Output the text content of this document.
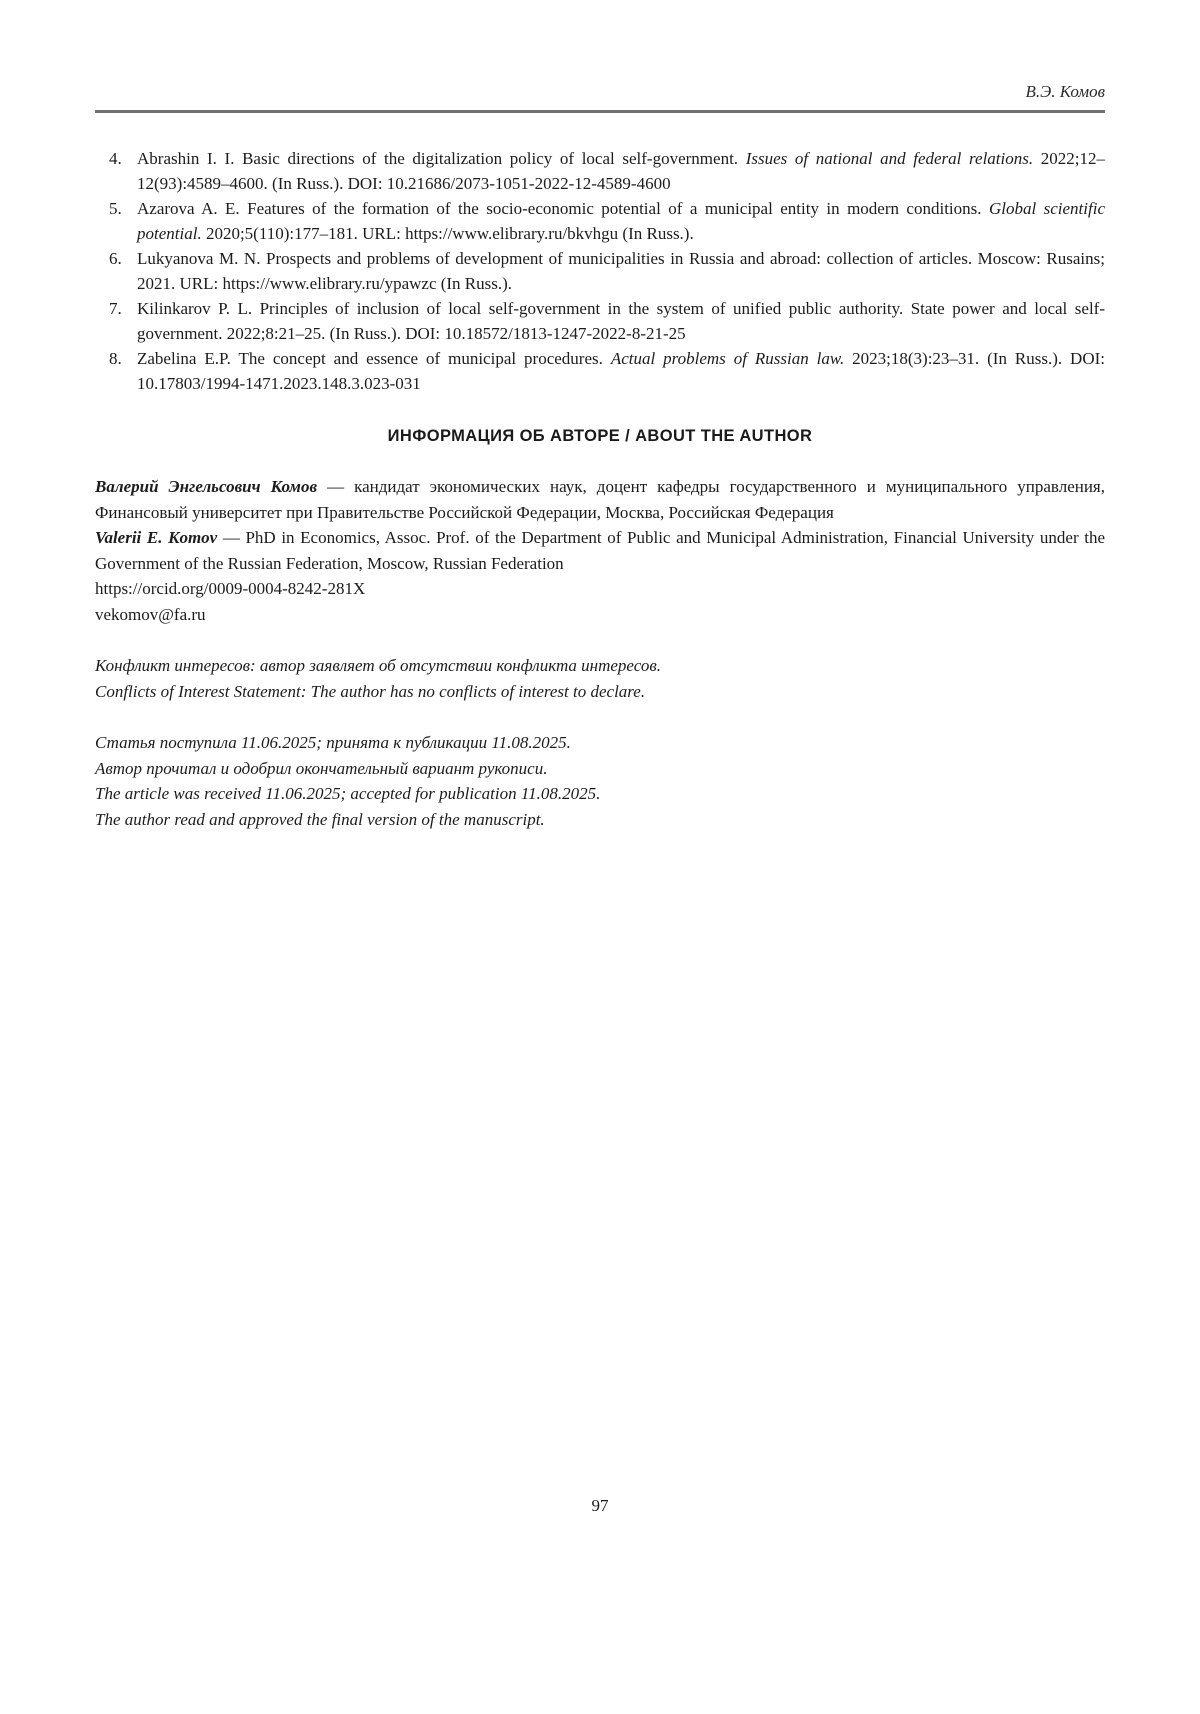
В.Э. Комов
4. Abrashin I. I. Basic directions of the digitalization policy of local self-government. Issues of national and federal relations. 2022;12–12(93):4589–4600. (In Russ.). DOI: 10.21686/2073-1051-2022-12-4589-4600
5. Azarova A. E. Features of the formation of the socio-economic potential of a municipal entity in modern conditions. Global scientific potential. 2020;5(110):177–181. URL: https://www.elibrary.ru/bkvhgu (In Russ.).
6. Lukyanova M. N. Prospects and problems of development of municipalities in Russia and abroad: collection of articles. Moscow: Rusains; 2021. URL: https://www.elibrary.ru/ypawzc (In Russ.).
7. Kilinkarov P. L. Principles of inclusion of local self-government in the system of unified public authority. State power and local self-government. 2022;8:21–25. (In Russ.). DOI: 10.18572/1813-1247-2022-8-21-25
8. Zabelina E.P. The concept and essence of municipal procedures. Actual problems of Russian law. 2023;18(3):23–31. (In Russ.). DOI: 10.17803/1994-1471.2023.148.3.023-031
ИНФОРМАЦИЯ ОБ АВТОРЕ / ABOUT THE AUTHOR

Валерий Энгельсович Комов — кандидат экономических наук, доцент кафедры государственного и муниципального управления, Финансовый университет при Правительстве Российской Федерации, Москва, Российская Федерация

Valerii E. Komov — PhD in Economics, Assoc. Prof. of the Department of Public and Municipal Administration, Financial University under the Government of the Russian Federation, Moscow, Russian Federation

https://orcid.org/0009-0004-8242-281X

vekomov@fa.ru

Конфликт интересов: автор заявляет об отсутствии конфликта интересов.

Conflicts of Interest Statement: The author has no conflicts of interest to declare.

Статья поступила 11.06.2025; принята к публикации 11.08.2025.

Автор прочитал и одобрил окончательный вариант рукописи.

The article was received 11.06.2025; accepted for publication 11.08.2025.

The author read and approved the final version of the manuscript.

97
